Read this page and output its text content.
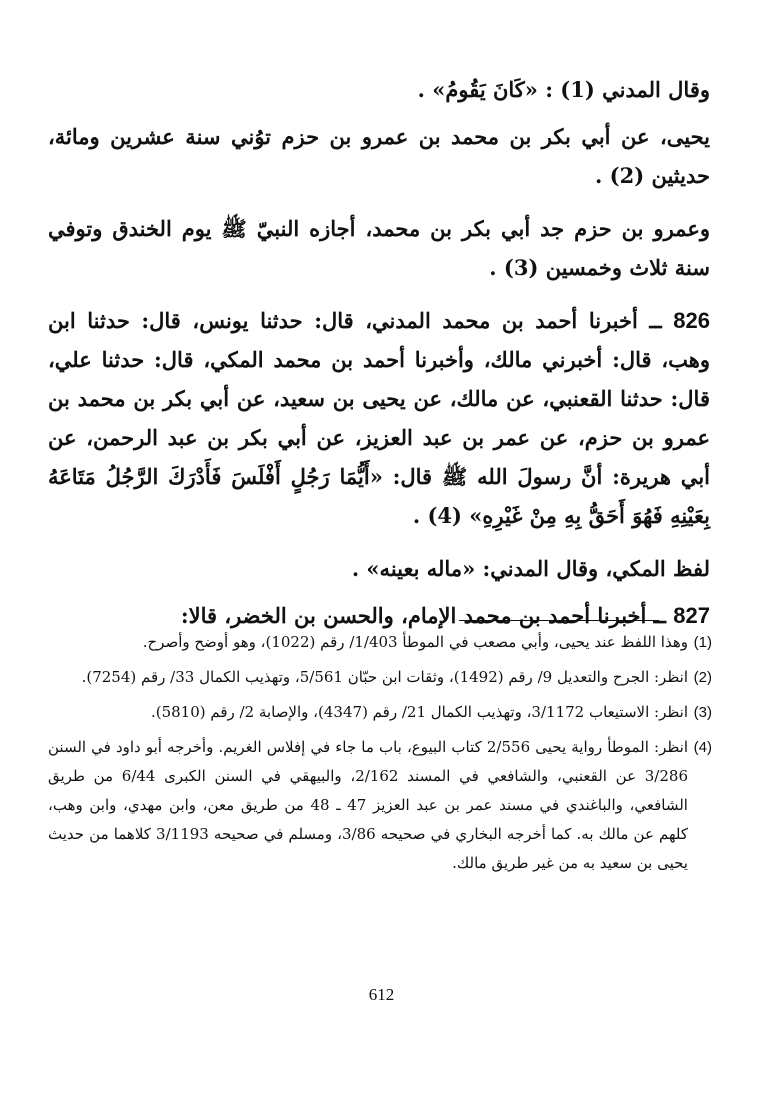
وقال المدني (1) : «كَانَ يَقُومُ» .

يحيى، عن أبي بكر بن محمد بن عمرو بن حزم توُني سنة عشرين ومائة، حديثين (2) .

وعمرو بن حزم جد أبي بكر بن محمد، أجازه النبيّ ﷺ يوم الخندق وتوفي سنة ثلاث وخمسين (3) .

826 ــ أخبرنا أحمد بن محمد المدني، قال: حدثنا يونس، قال: حدثنا ابن وهب، قال: أخبرني مالك، وأخبرنا أحمد بن محمد المكي، قال: حدثنا علي، قال: حدثنا القعنبي، عن مالك، عن يحيى بن سعيد، عن أبي بكر بن محمد بن عمرو بن حزم، عن عمر بن عبد العزيز، عن أبي بكر بن عبد الرحمن، عن أبي هريرة: أنَّ رسولَ الله ﷺ قال: «أَيُّمَا رَجُلٍ أَفْلَسَ فَأَدْرَكَ الرَّجُلُ مَتَاعَهُ بِعَيْنِهِ فَهُوَ أَحَقُّ بِهِ مِنْ غَيْرِهِ» (4) .

لفظ المكي، وقال المدني: «ماله بعينه» .

827 ــ أخبرنا أحمد بن محمد الإمام، والحسن بن الخضر، قالا:

(1)
وهذا اللفظ عند يحيى، وأبي مصعب في الموطأ 1/403/ رقم (1022)، وهو أوضح وأصرح.
(2)
انظر: الجرح والتعديل 9/ رقم (1492)، وثقات ابن حبّان 5/561، وتهذيب الكمال 33/ رقم (7254).
(3)
انظر: الاستيعاب 3/1172، وتهذيب الكمال 21/ رقم (4347)، والإصابة 2/ رقم (5810).
(4)
انظر: الموطأ رواية يحيى 2/556 كتاب البيوع، باب ما جاء في إفلاس الغريم. وأخرجه أبو داود في السنن 3/286 عن القعنبي، والشافعي في المسند 2/162، والبيهقي في السنن الكبرى 6/44 من طريق الشافعي، والباغندي في مسند عمر بن عبد العزيز 47 ـ 48 من طريق معن، وابن مهدي، وابن وهب، كلهم عن مالك به. كما أخرجه البخاري في صحيحه 3/86، ومسلم في صحيحه 3/1193 كلاهما من حديث يحيى بن سعيد به من غير طريق مالك.
612
